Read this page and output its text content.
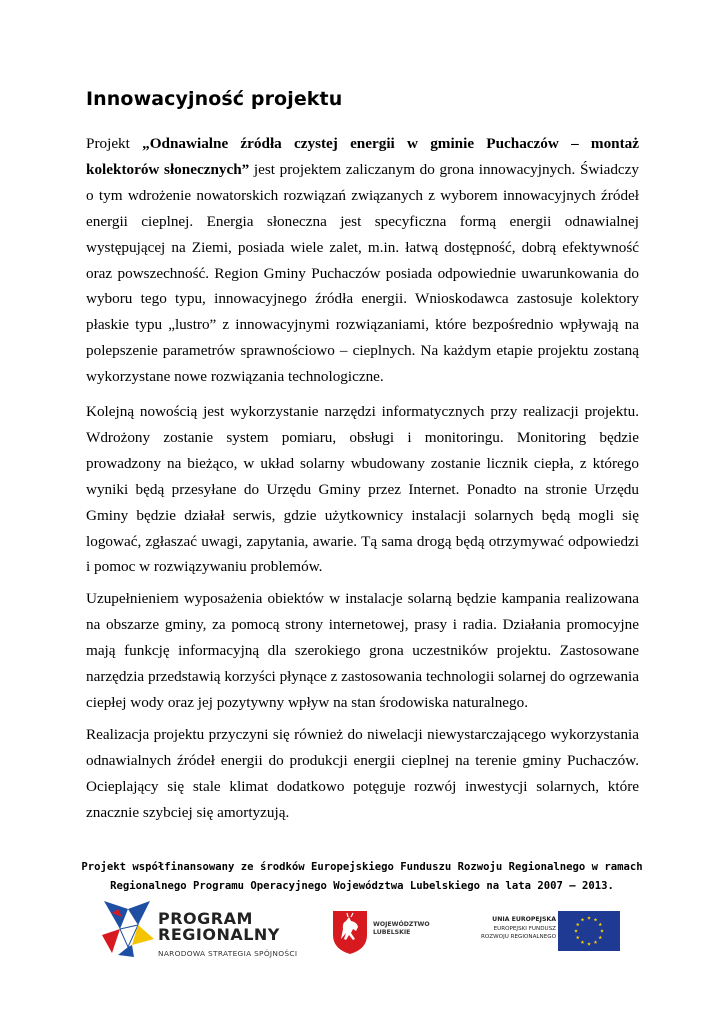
Innowacyjność projektu

Projekt „Odnawialne źródła czystej energii w gminie Puchaczów – montaż kolektorów słonecznych” jest projektem zaliczanym do grona innowacyjnych. Świadczy o tym wdrożenie nowatorskich rozwiązań związanych z wyborem innowacyjnych źródeł energii cieplnej. Energia słoneczna jest specyficzna formą energii odnawialnej występującej na Ziemi, posiada wiele zalet, m.in. łatwą dostępność, dobrą efektywność oraz powszechność. Region Gminy Puchaczów posiada odpowiednie uwarunkowania do wyboru tego typu, innowacyjnego źródła energii. Wnioskodawca zastosuje kolektory płaskie typu „lustro” z innowacyjnymi rozwiązaniami, które bezpośrednio wpływają na polepszenie parametrów sprawnościowo – cieplnych. Na każdym etapie projektu zostaną wykorzystane nowe rozwiązania technologiczne.

Kolejną nowością jest wykorzystanie narzędzi informatycznych przy realizacji projektu. Wdrożony zostanie system pomiaru, obsługi i monitoringu. Monitoring będzie prowadzony na bieżąco, w układ solarny wbudowany zostanie licznik ciepła, z którego wyniki będą przesyłane do Urzędu Gminy przez Internet. Ponadto na stronie Urzędu Gminy będzie działał serwis, gdzie użytkownicy instalacji solarnych będą mogli się logować, zgłaszać uwagi, zapytania, awarie. Tą sama drogą będą otrzymywać odpowiedzi i pomoc w rozwiązywaniu problemów.

Uzupełnieniem wyposażenia obiektów w instalacje solarną będzie kampania realizowana na obszarze gminy, za pomocą strony internetowej, prasy i radia. Działania promocyjne mają funkcję informacyjną dla szerokiego grona uczestników projektu. Zastosowane narzędzia przedstawią korzyści płynące z zastosowania technologii solarnej do ogrzewania ciepłej wody oraz jej pozytywny wpływ na stan środowiska naturalnego.

Realizacja projektu przyczyni się również do niwelacji niewystarczającego wykorzystania odnawialnych źródeł energii do produkcji energii cieplnej na terenie gminy Puchaczów. Ocieplający się stale klimat dodatkowo potęguje rozwój inwestycji solarnych, które znacznie szybciej się amortyzują.

Projekt współfinansowany ze środków Europejskiego Funduszu Rozwoju Regionalnego w ramach
Regionalnego Programu Operacyjnego Województwa Lubelskiego na lata 2007 – 2013.

PROGRAM
REGIONALNY
NARODOWA STRATEGIA SPÓJNOŚCI
WOJEWÓDZTWO
LUBELSKIE
UNIA EUROPEJSKA
EUROPEJSKI FUNDUSZ
ROZWOJU REGIONALNEGO
